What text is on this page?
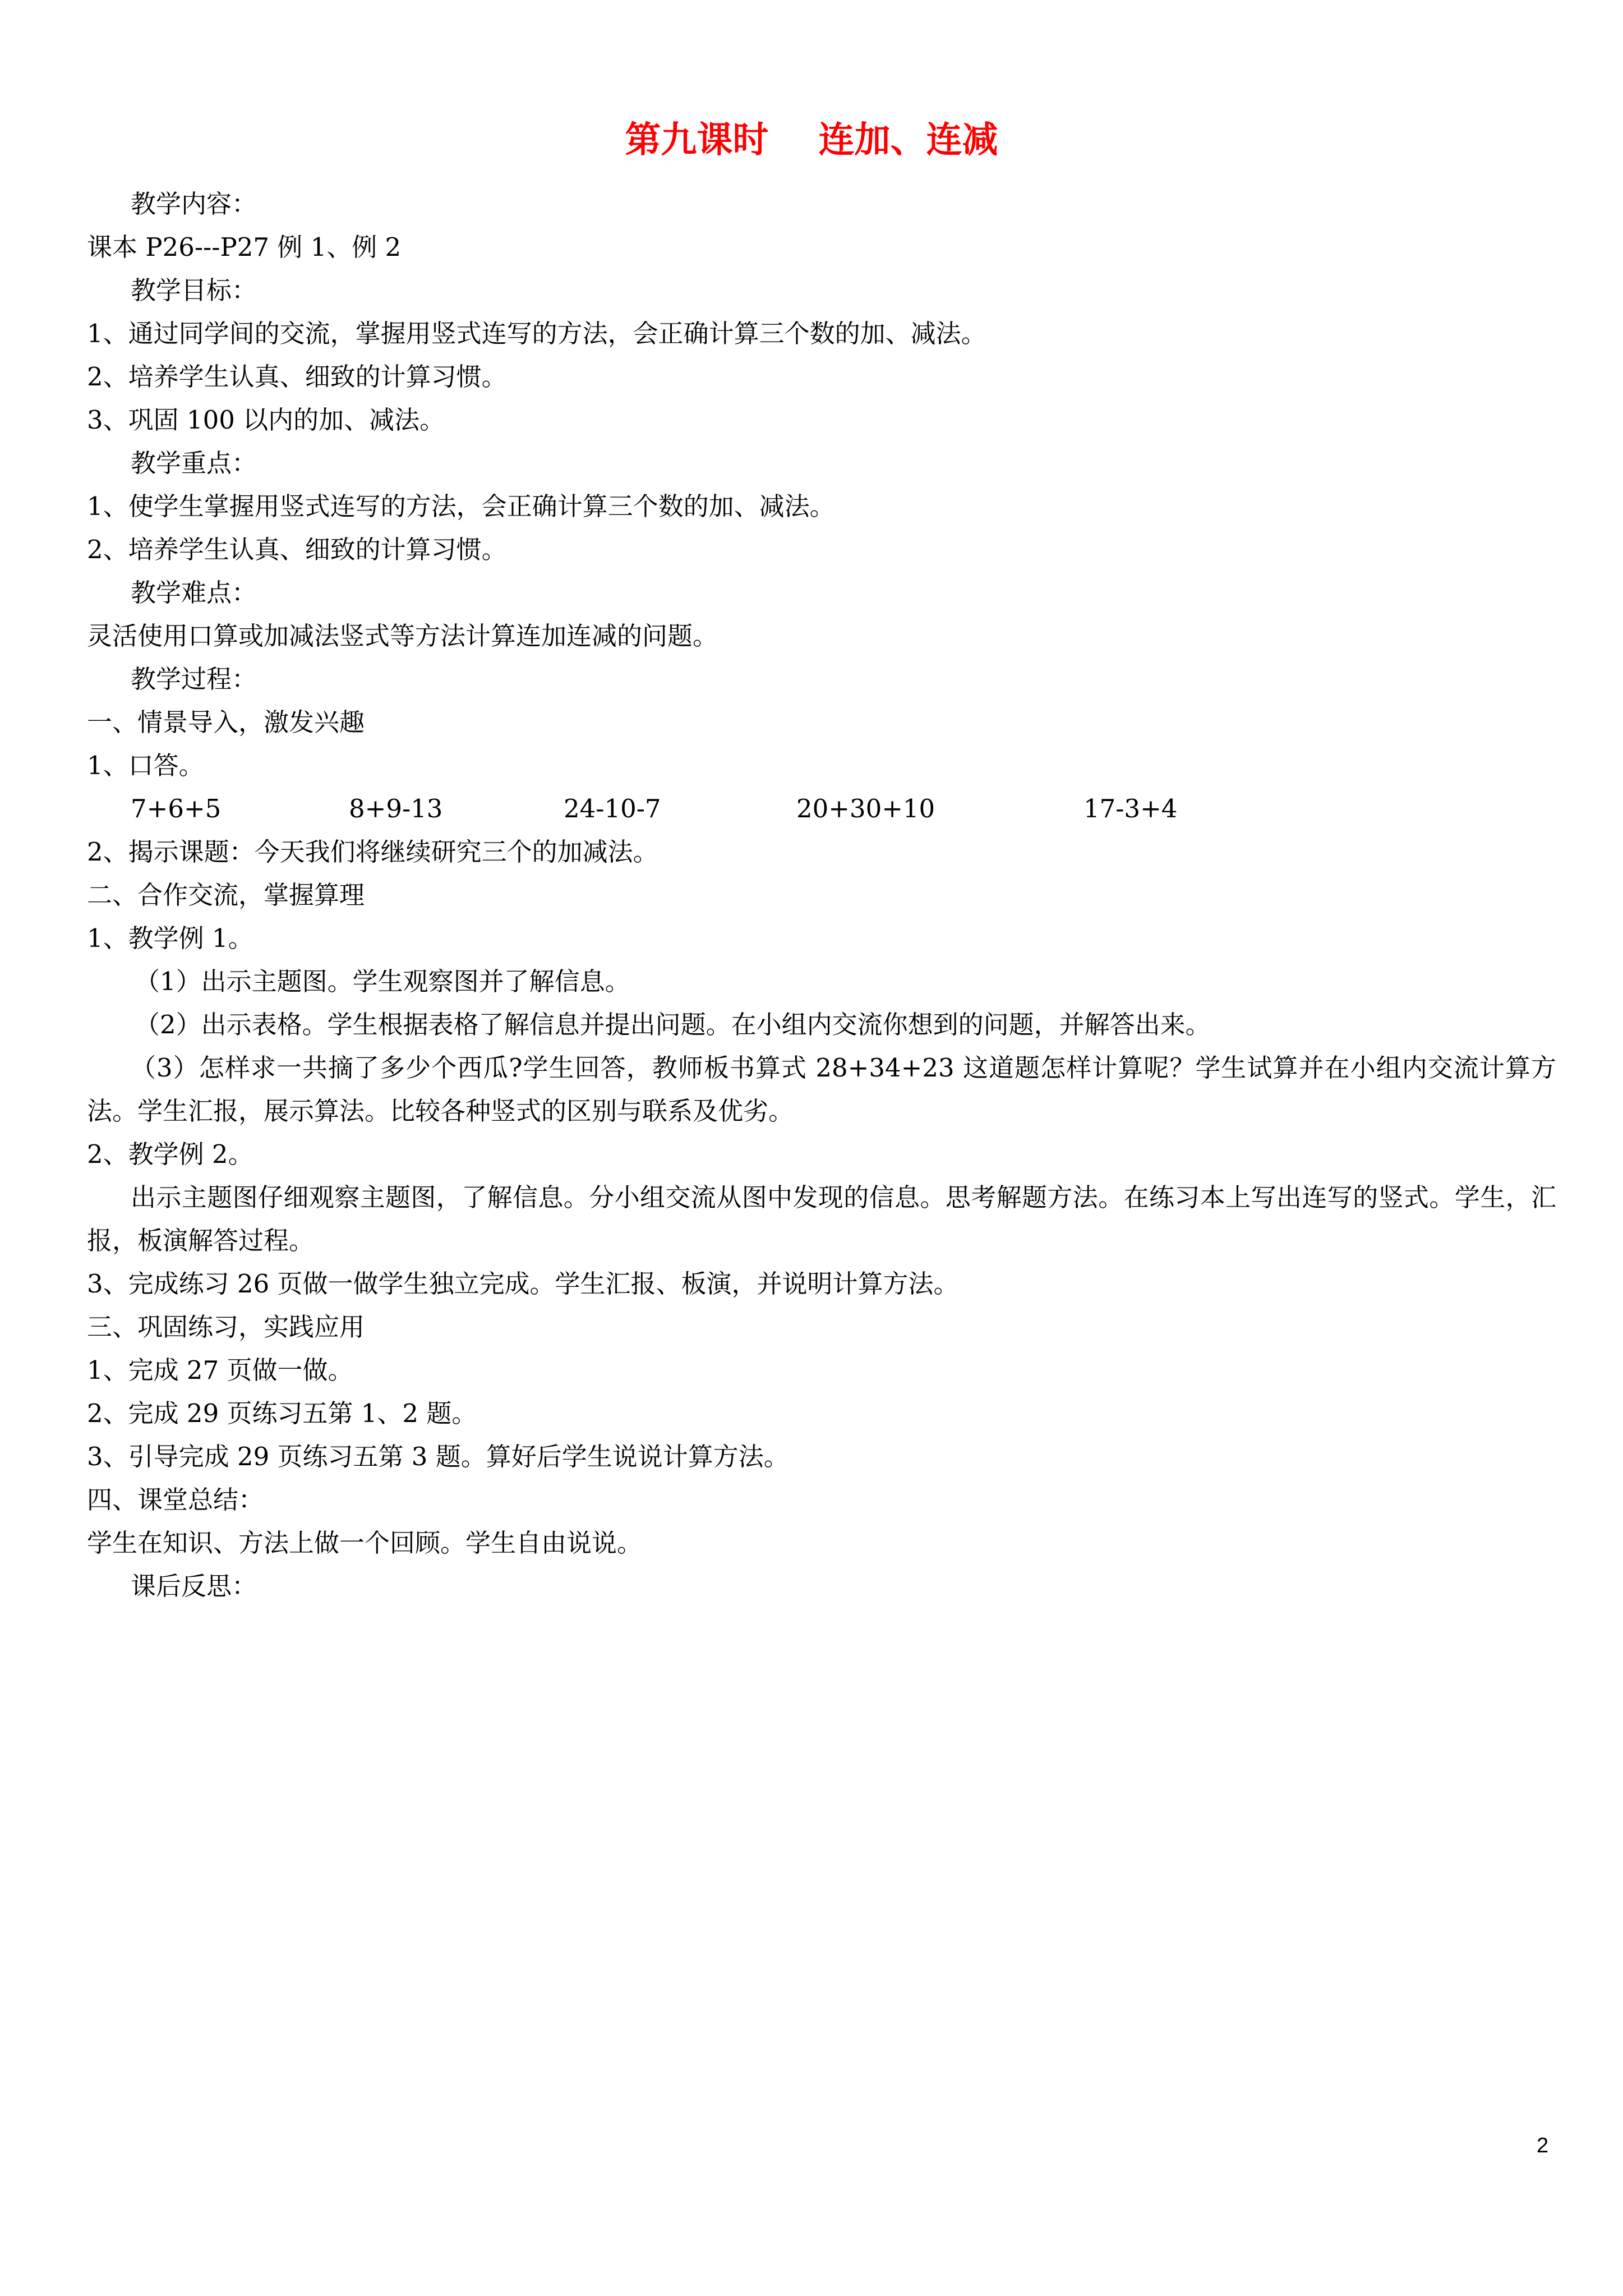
第九课时    连加、连减
教学内容：
课本 P26---P27 例 1、例 2
教学目标：
1、通过同学间的交流，掌握用竖式连写的方法，会正确计算三个数的加、减法。
2、培养学生认真、细致的计算习惯。
3、巩固 100 以内的加、减法。
教学重点：
1、使学生掌握用竖式连写的方法，会正确计算三个数的加、减法。
2、培养学生认真、细致的计算习惯。
教学难点：
灵活使用口算或加减法竖式等方法计算连加连减的问题。
教学过程：
一、情景导入，激发兴趣
1、口答。
7+6+5	8+9-13	24-10-7	20+30+10	17-3+4
2、揭示课题：今天我们将继续研究三个的加减法。
二、合作交流，掌握算理
1、教学例 1。
（1）出示主题图。学生观察图并了解信息。
（2）出示表格。学生根据表格了解信息并提出问题。在小组内交流你想到的问题，并解答出来。

（3）怎样求一共摘了多少个西瓜?学生回答，教师板书算式 28+34+23 这道题怎样计算呢？学生试算并在小组内交流计算方法。学生汇报，展示算法。比较各种竖式的区别与联系及优劣。

2、教学例 2。

出示主题图仔细观察主题图，了解信息。分小组交流从图中发现的信息。思考解题方法。在练习本上写出连写的竖式。学生，汇报，板演解答过程。

3、完成练习 26 页做一做学生独立完成。学生汇报、板演，并说明计算方法。
三、巩固练习，实践应用
1、完成 27 页做一做。
2、完成 29 页练习五第 1、2 题。
3、引导完成 29 页练习五第 3 题。算好后学生说说计算方法。
四、课堂总结：
学生在知识、方法上做一个回顾。学生自由说说。
课后反思：
2
